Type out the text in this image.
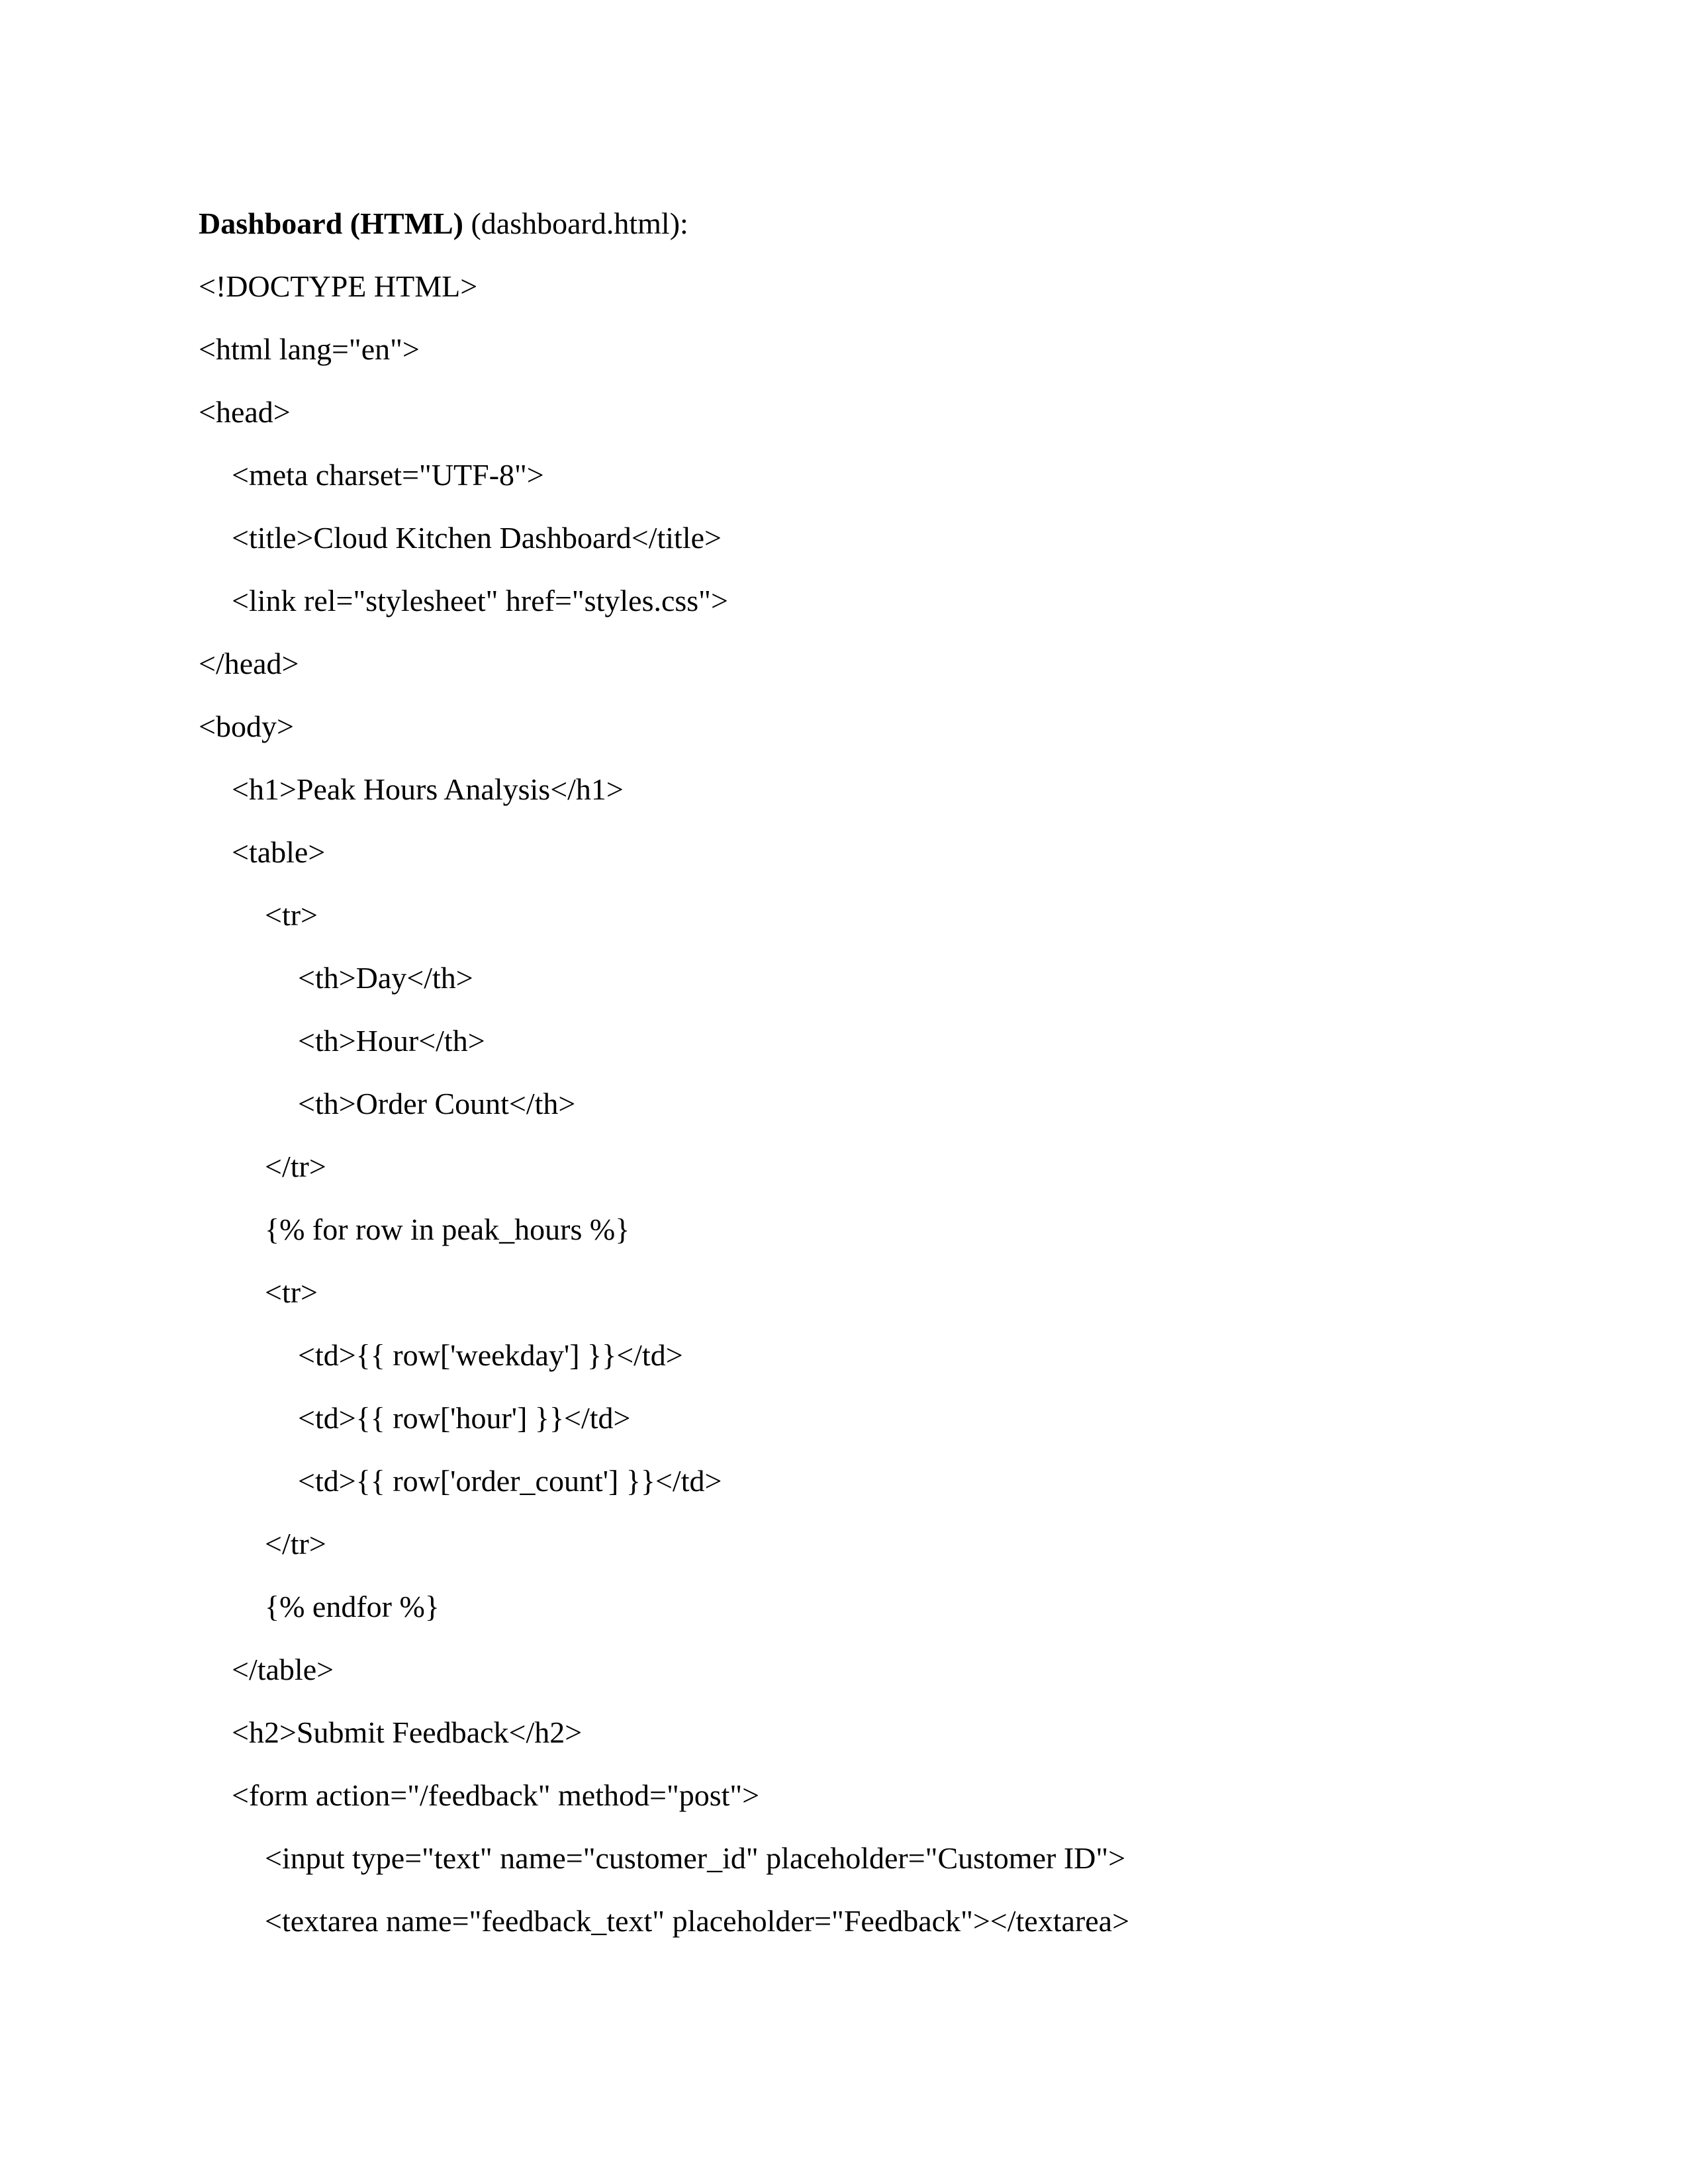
Dashboard (HTML) (dashboard.html):
<!DOCTYPE HTML>
<html lang="en">
<head>
<meta charset="UTF-8">
<title>Cloud Kitchen Dashboard</title>
<link rel="stylesheet" href="styles.css">
</head>
<body>
<h1>Peak Hours Analysis</h1>
<table>
<tr>
<th>Day</th>
<th>Hour</th>
<th>Order Count</th>
</tr>
{% for row in peak_hours %}
<tr>
<td>{{ row['weekday'] }}</td>
<td>{{ row['hour'] }}</td>
<td>{{ row['order_count'] }}</td>
</tr>
{% endfor %}
</table>
<h2>Submit Feedback</h2>
<form action="/feedback" method="post">
<input type="text" name="customer_id" placeholder="Customer ID">
<textarea name="feedback_text" placeholder="Feedback"></textarea>
